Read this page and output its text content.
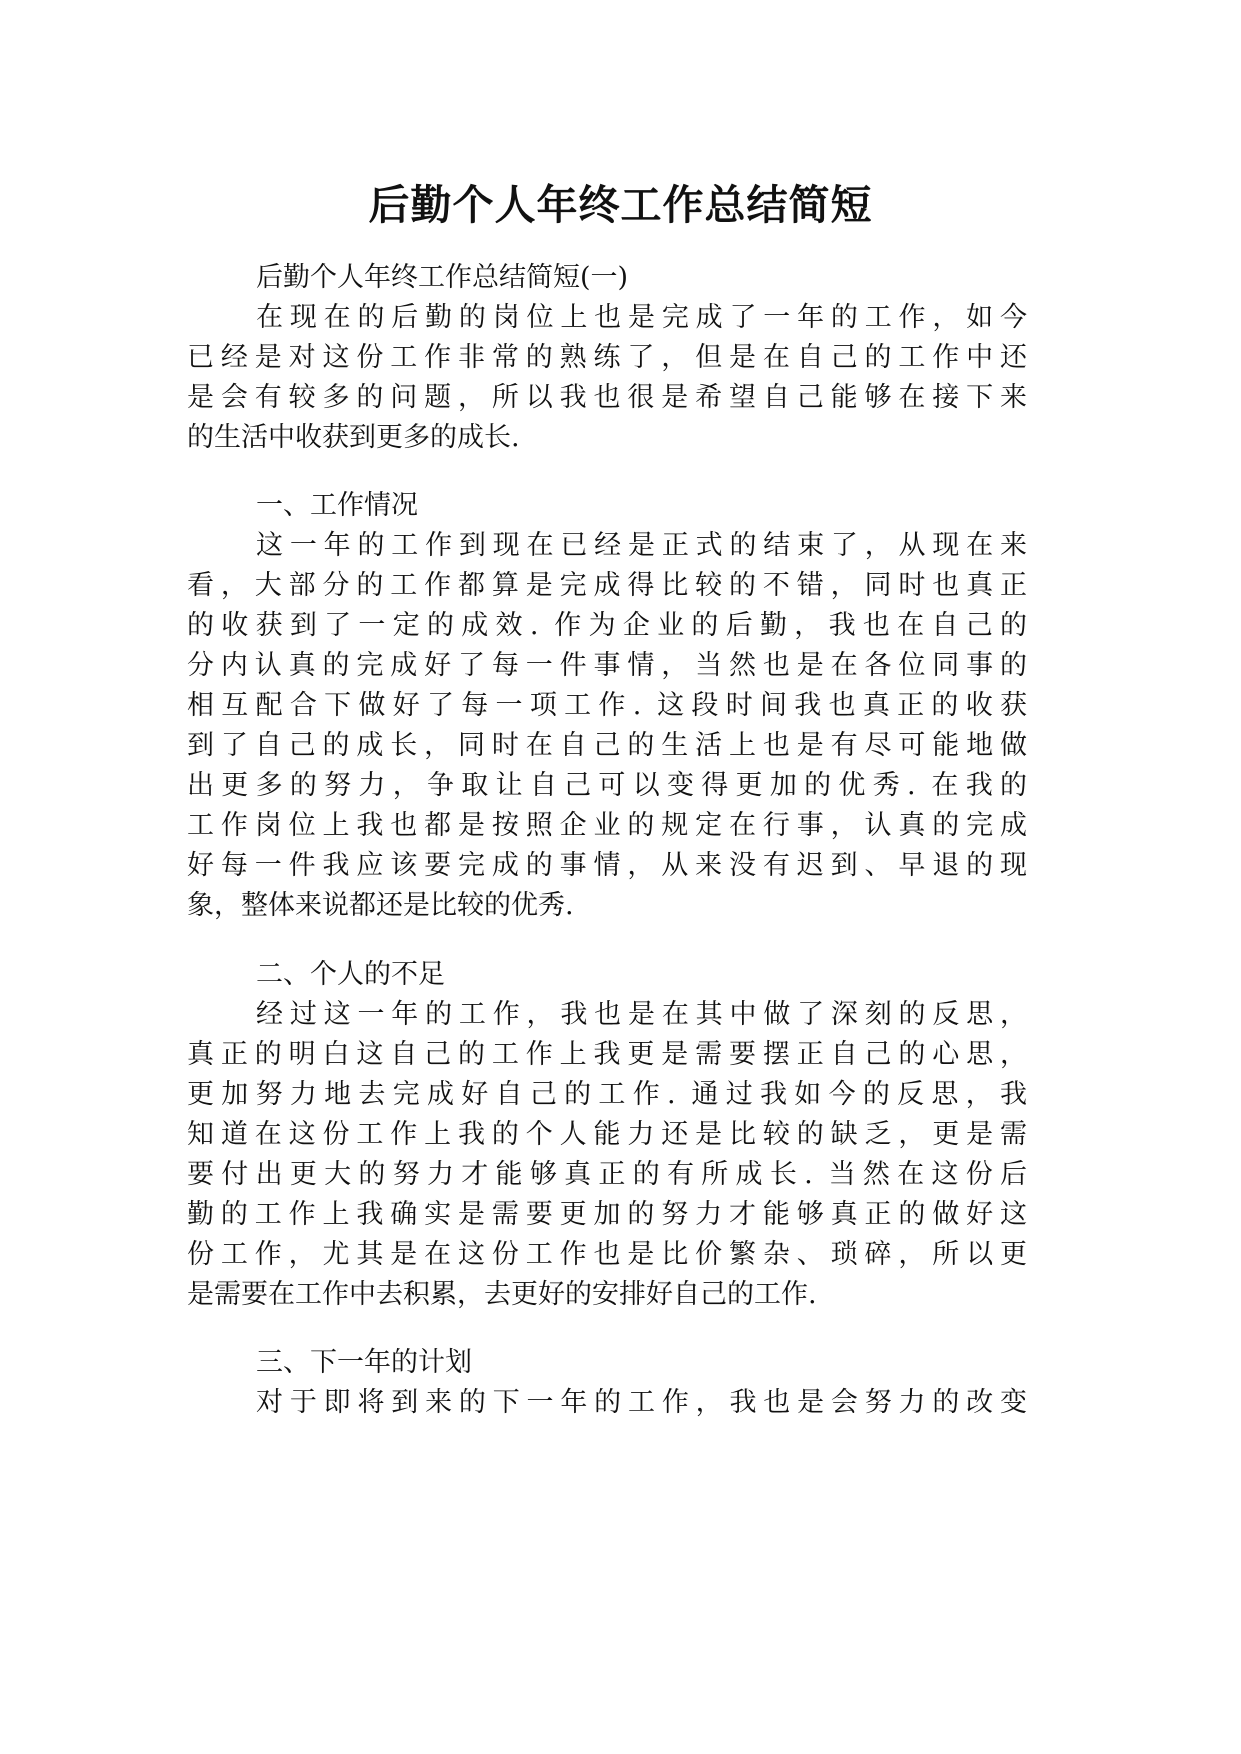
后勤个人年终工作总结简短
后勤个人年终工作总结简短(一)
在现在的后勤的岗位上也是完成了一年的工作，如今
已经是对这份工作非常的熟练了，但是在自己的工作中还
是会有较多的问题，所以我也很是希望自己能够在接下来
的生活中收获到更多的成长.
一、工作情况
这一年的工作到现在已经是正式的结束了，从现在来
看，大部分的工作都算是完成得比较的不错，同时也真正
的收获到了一定的成效. 作为企业的后勤，我也在自己的
分内认真的完成好了每一件事情，当然也是在各位同事的
相互配合下做好了每一项工作. 这段时间我也真正的收获
到了自己的成长，同时在自己的生活上也是有尽可能地做
出更多的努力，争取让自己可以变得更加的优秀. 在我的
工作岗位上我也都是按照企业的规定在行事，认真的完成
好每一件我应该要完成的事情，从来没有迟到、早退的现
象，整体来说都还是比较的优秀.
二、个人的不足
经过这一年的工作，我也是在其中做了深刻的反思，
真正的明白这自己的工作上我更是需要摆正自己的心思，
更加努力地去完成好自己的工作. 通过我如今的反思，我
知道在这份工作上我的个人能力还是比较的缺乏，更是需
要付出更大的努力才能够真正的有所成长. 当然在这份后
勤的工作上我确实是需要更加的努力才能够真正的做好这
份工作，尤其是在这份工作也是比价繁杂、琐碎，所以更
是需要在工作中去积累，去更好的安排好自己的工作.
三、下一年的计划
对于即将到来的下一年的工作，我也是会努力的改变
